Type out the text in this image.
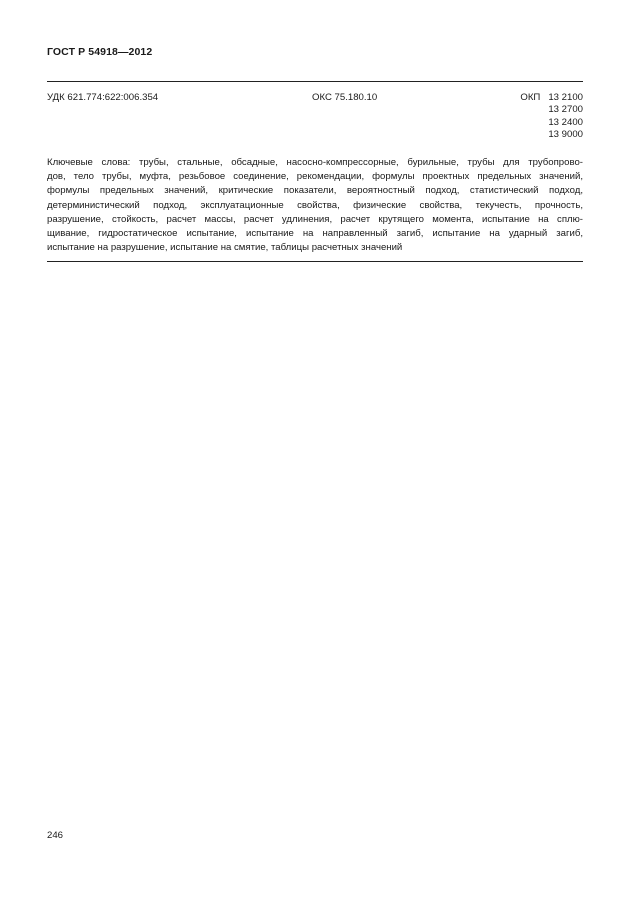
ГОСТ Р 54918—2012
УДК 621.774:622:006.354	ОКС 75.180.10	ОКП 13 2100
13 2700
13 2400
13 9000

Ключевые слова: трубы, стальные, обсадные, насосно-компрессорные, бурильные, трубы для трубопрово-

дов, тело трубы, муфта, резьбовое соединение, рекомендации, формулы проектных предельных значений,

формулы предельных значений, критические показатели, вероятностный подход, статистический подход,

детерминистический подход, эксплуатационные свойства, физические свойства, текучесть, прочность,

разрушение, стойкость, расчет массы, расчет удлинения, расчет крутящего момента, испытание на сплю-

щивание, гидростатическое испытание, испытание на направленный загиб, испытание на ударный загиб,

испытание на разрушение, испытание на смятие, таблицы расчетных значений

246
